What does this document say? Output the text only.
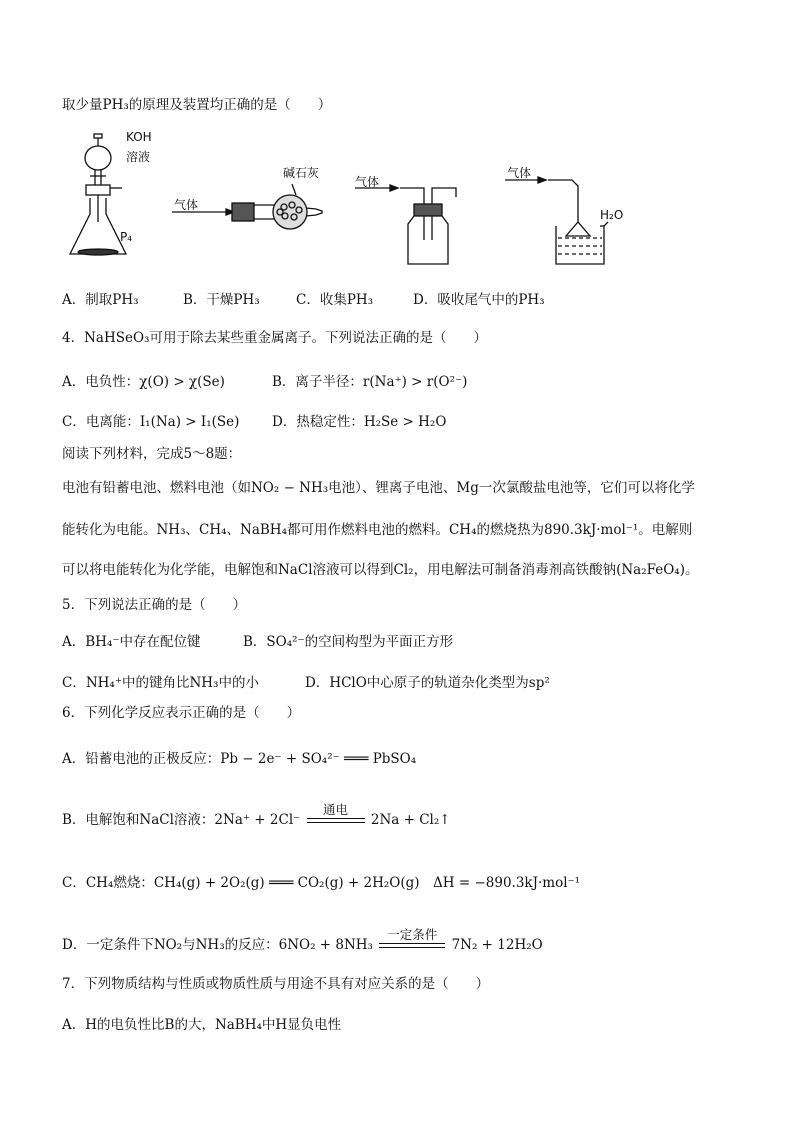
取少量PH₃的原理及装置均正确的是（　　）
KOH
溶液
P₄
碱石灰
气体
气体
气体
H₂O
A．制取PH₃	B．干燥PH₃	C．收集PH₃	D．吸收尾气中的PH₃
4．NaHSeO₃可用于除去某些重金属离子。下列说法正确的是（　　）
A．电负性：χ(O) > χ(Se)	B．离子半径：r(Na⁺) > r(O²⁻)
C．电离能：I₁(Na) > I₁(Se) D．热稳定性：H₂Se > H₂O
阅读下列材料，完成5～8题：
电池有铅蓄电池、燃料电池（如NO₂ − NH₃电池）、锂离子电池、Mg一次氯酸盐电池等，它们可以将化学
能转化为电能。NH₃、CH₄、NaBH₄都可用作燃料电池的燃料。CH₄的燃烧热为890.3kJ·mol⁻¹。电解则
可以将电能转化为化学能，电解饱和NaCl溶液可以得到Cl₂，用电解法可制备消毒剂高铁酸钠(Na₂FeO₄)。
5．下列说法正确的是（　　）
A．BH₄⁻中存在配位键	B．SO₄²⁻的空间构型为平面正方形
C．NH₄⁺中的键角比NH₃中的小	D．HClO中心原子的轨道杂化类型为sp²
6．下列化学反应表示正确的是（　　）
A．铅蓄电池的正极反应：Pb − 2e⁻ + SO₄²⁻ ═══ PbSO₄
B．电解饱和NaCl溶液：2Na⁺ + 2Cl⁻
通电
2Na + Cl₂↑
C．CH₄燃烧：CH₄(g) + 2O₂(g) ═══ CO₂(g) + 2H₂O(g)　ΔH = −890.3kJ·mol⁻¹
D．一定条件下NO₂与NH₃的反应：6NO₂ + 8NH₃
一定条件
7N₂ + 12H₂O
7．下列物质结构与性质或物质性质与用途不具有对应关系的是（　　）
A．H的电负性比B的大，NaBH₄中H显负电性
